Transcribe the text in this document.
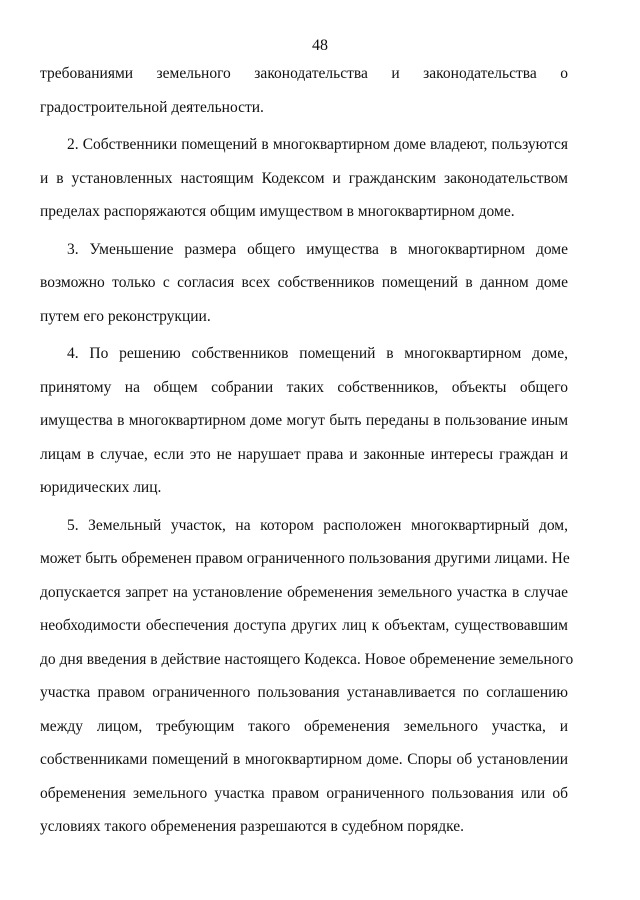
48

требованиями земельного законодательства и законодательства о
градостроительной деятельности.

2. Собственники помещений в многоквартирном доме владеют, пользуются
и в установленных настоящим Кодексом и гражданским законодательством
пределах распоряжаются общим имуществом в многоквартирном доме.

3. Уменьшение размера общего имущества в многоквартирном доме
возможно только с согласия всех собственников помещений в данном доме
путем его реконструкции.

4. По решению собственников помещений в многоквартирном доме,
принятому на общем собрании таких собственников, объекты общего
имущества в многоквартирном доме могут быть переданы в пользование иным
лицам в случае, если это не нарушает права и законные интересы граждан и
юридических лиц.

5. Земельный участок, на котором расположен многоквартирный дом,
может быть обременен правом ограниченного пользования другими лицами. Не
допускается запрет на установление обременения земельного участка в случае
необходимости обеспечения доступа других лиц к объектам, существовавшим
до дня введения в действие настоящего Кодекса. Новое обременение земельного
участка правом ограниченного пользования устанавливается по соглашению
между лицом, требующим такого обременения земельного участка, и
собственниками помещений в многоквартирном доме. Споры об установлении
обременения земельного участка правом ограниченного пользования или об
условиях такого обременения разрешаются в судебном порядке.
